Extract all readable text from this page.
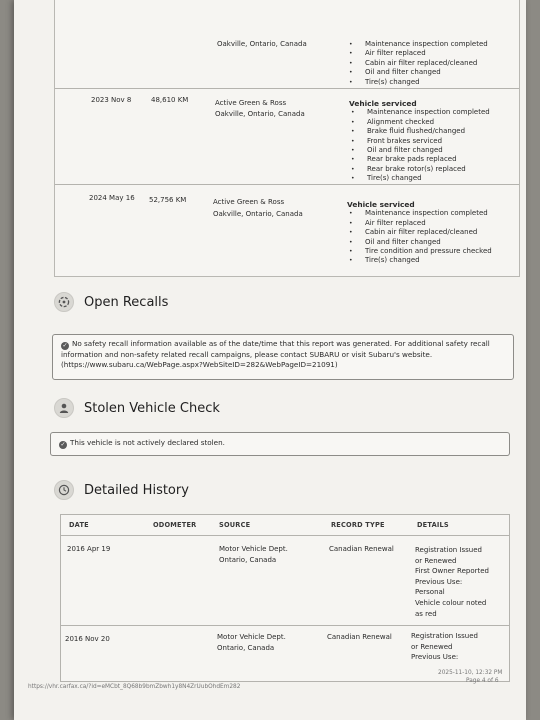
Oakville, Ontario, Canada
•	Maintenance inspection completed
• Air filter replaced
• Cabin air filter replaced/cleaned
• Oil and filter changed
• Tire(s) changed
2023 Nov 8	48,610 KM	Active Green & Ross
Oakville, Ontario, Canada
Vehicle serviced
• Maintenance inspection completed
• Alignment checked
• Brake fluid flushed/changed
• Front brakes serviced
• Oil and filter changed
• Rear brake pads replaced
• Rear brake rotor(s) replaced
• Tire(s) changed
2024 May 16 52,756 KM	Active Green & Ross
Oakville, Ontario, Canada
Vehicle serviced
• Maintenance inspection completed
• Air filter replaced
• Cabin air filter replaced/cleaned
• Oil and filter changed
• Tire condition and pressure checked
• Tire(s) changed
Open Recalls
✓ No safety recall information available as of the date/time that this report was generated. For additional safety recall information and non-safety related recall campaigns, please contact SUBARU or visit Subaru's website. (https://www.subaru.ca/WebPage.aspx?WebSiteID=282&WebPageID=21091)
Stolen Vehicle Check
✓ This vehicle is not actively declared stolen.
Detailed History
DATE	ODOMETER	SOURCE	RECORD TYPE	DETAILS
2016 Apr 19	Motor Vehicle Dept.
Ontario, Canada
Canadian Renewal	Registration Issued
or Renewed
First Owner Reported
Previous Use:
Personal
Vehicle colour noted
as red
2016 Nov 20	Motor Vehicle Dept.
Ontario, Canada
Canadian Renewal	Registration Issued
or Renewed
Previous Use:
https://vhr.carfax.ca/?id=eMCbt_8Q68b9bmZbwh1y8N4ZrUubOhdEm282
2025-11-10, 12:32 PM
Page 4 of 6
